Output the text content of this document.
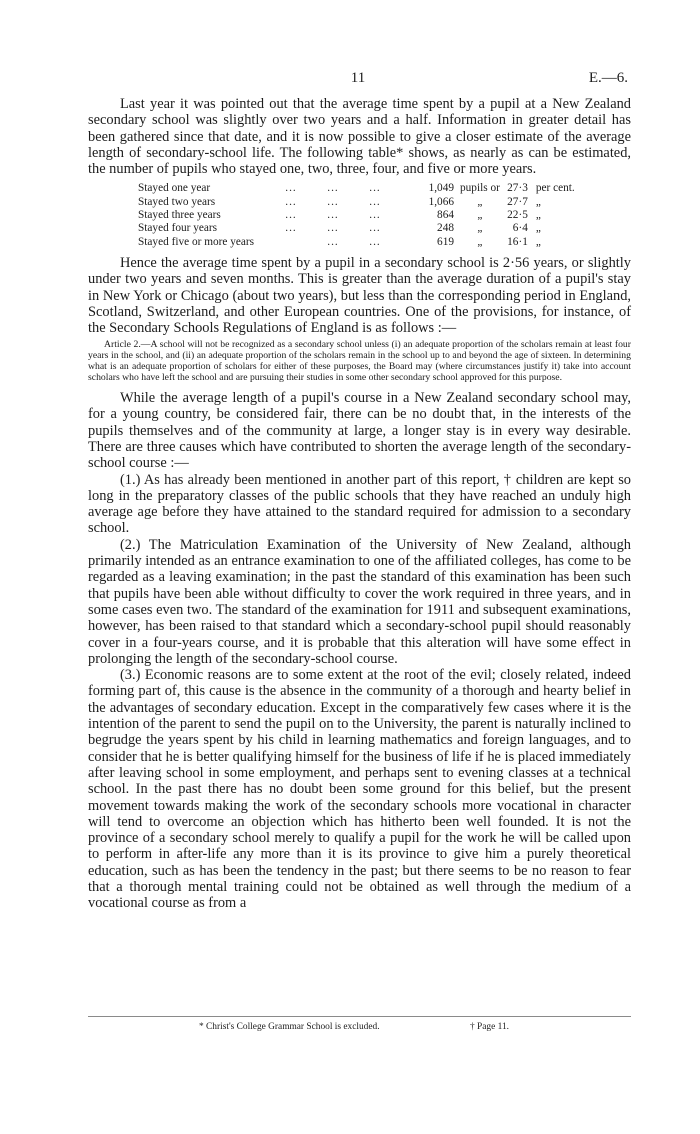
11	E.—6.

Last year it was pointed out that the average time spent by a pupil at a New Zealand secondary school was slightly over two years and a half. Information in greater detail has been gathered since that date, and it is now possible to give a closer estimate of the average length of secondary-school life. The following table* shows, as nearly as can be estimated, the number of pupils who stayed one, two, three, four, and five or more years.

Stayed one year	...	...	...	1,049	pupils or	27·3	per cent.
Stayed two years	...	...	...	1,066	„	27·7	„
Stayed three years	...	...	...	864	„	22·5	„
Stayed four years	...	...	...	248	„	6·4	„
Stayed five or more years		...	...	619	„	16·1	„

Hence the average time spent by a pupil in a secondary school is 2·56 years, or slightly under two years and seven months. This is greater than the average duration of a pupil's stay in New York or Chicago (about two years), but less than the corresponding period in England, Scotland, Switzerland, and other European countries. One of the provisions, for instance, of the Secondary Schools Regulations of England is as follows :—

Article 2.—A school will not be recognized as a secondary school unless (i) an adequate proportion of the scholars remain at least four years in the school, and (ii) an adequate proportion of the scholars remain in the school up to and beyond the age of sixteen. In determining what is an adequate proportion of scholars for either of these purposes, the Board may (where circumstances justify it) take into account scholars who have left the school and are pursuing their studies in some other secondary school approved for this purpose.

While the average length of a pupil's course in a New Zealand secondary school may, for a young country, be considered fair, there can be no doubt that, in the interests of the pupils themselves and of the community at large, a longer stay is in every way desirable. There are three causes which have contributed to shorten the average length of the secondary-school course :—

(1.) As has already been mentioned in another part of this report, † children are kept so long in the preparatory classes of the public schools that they have reached an unduly high average age before they have attained to the standard required for admission to a secondary school.

(2.) The Matriculation Examination of the University of New Zealand, although primarily intended as an entrance examination to one of the affiliated colleges, has come to be regarded as a leaving examination; in the past the standard of this examination has been such that pupils have been able without difficulty to cover the work required in three years, and in some cases even two. The standard of the examination for 1911 and subsequent examinations, however, has been raised to that standard which a secondary-school pupil should reasonably cover in a four-years course, and it is probable that this alteration will have some effect in prolonging the length of the secondary-school course.

(3.) Economic reasons are to some extent at the root of the evil; closely related, indeed forming part of, this cause is the absence in the community of a thorough and hearty belief in the advantages of secondary education. Except in the comparatively few cases where it is the intention of the parent to send the pupil on to the University, the parent is naturally inclined to begrudge the years spent by his child in learning mathematics and foreign languages, and to consider that he is better qualifying himself for the business of life if he is placed immediately after leaving school in some employment, and perhaps sent to evening classes at a technical school. In the past there has no doubt been some ground for this belief, but the present movement towards making the work of the secondary schools more vocational in character will tend to overcome an objection which has hitherto been well founded. It is not the province of a secondary school merely to qualify a pupil for the work he will be called upon to perform in after-life any more than it is its province to give him a purely theoretical education, such as has been the tendency in the past; but there seems to be no reason to fear that a thorough mental training could not be obtained as well through the medium of a vocational course as from a

* Christ's College Grammar School is excluded.	† Page 11.
